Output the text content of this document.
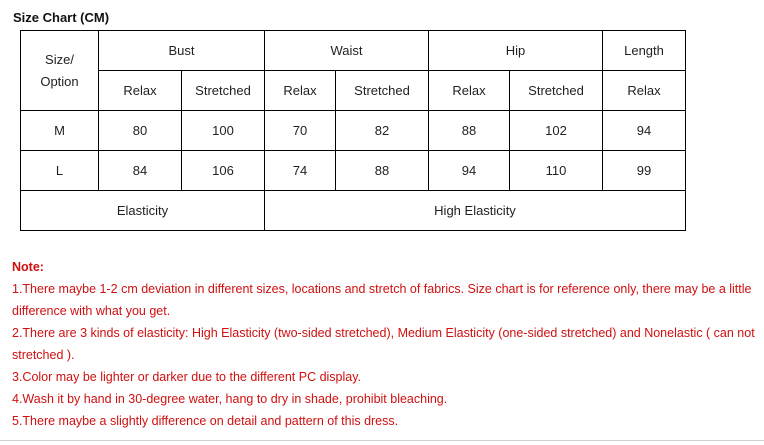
Size Chart (CM)
Size/
Option	Bust		Waist		Hip		Length
	Relax	Stretched	Relax	Stretched	Relax	Stretched	Relax
M	80	100	70	82	88	102	94
L	84	106	74	88	94	110	99
Elasticity			High Elasticity				
Note:
1.There maybe 1-2 cm deviation in different sizes, locations and stretch of fabrics. Size chart is for reference only, there may be a little difference with what you get.
2.There are 3 kinds of elasticity: High Elasticity (two-sided stretched), Medium Elasticity (one-sided stretched) and Nonelastic ( can not stretched ).
3.Color may be lighter or darker due to the different PC display.
4.Wash it by hand in 30-degree water, hang to dry in shade, prohibit bleaching.
5.There maybe a slightly difference on detail and pattern of this dress.
